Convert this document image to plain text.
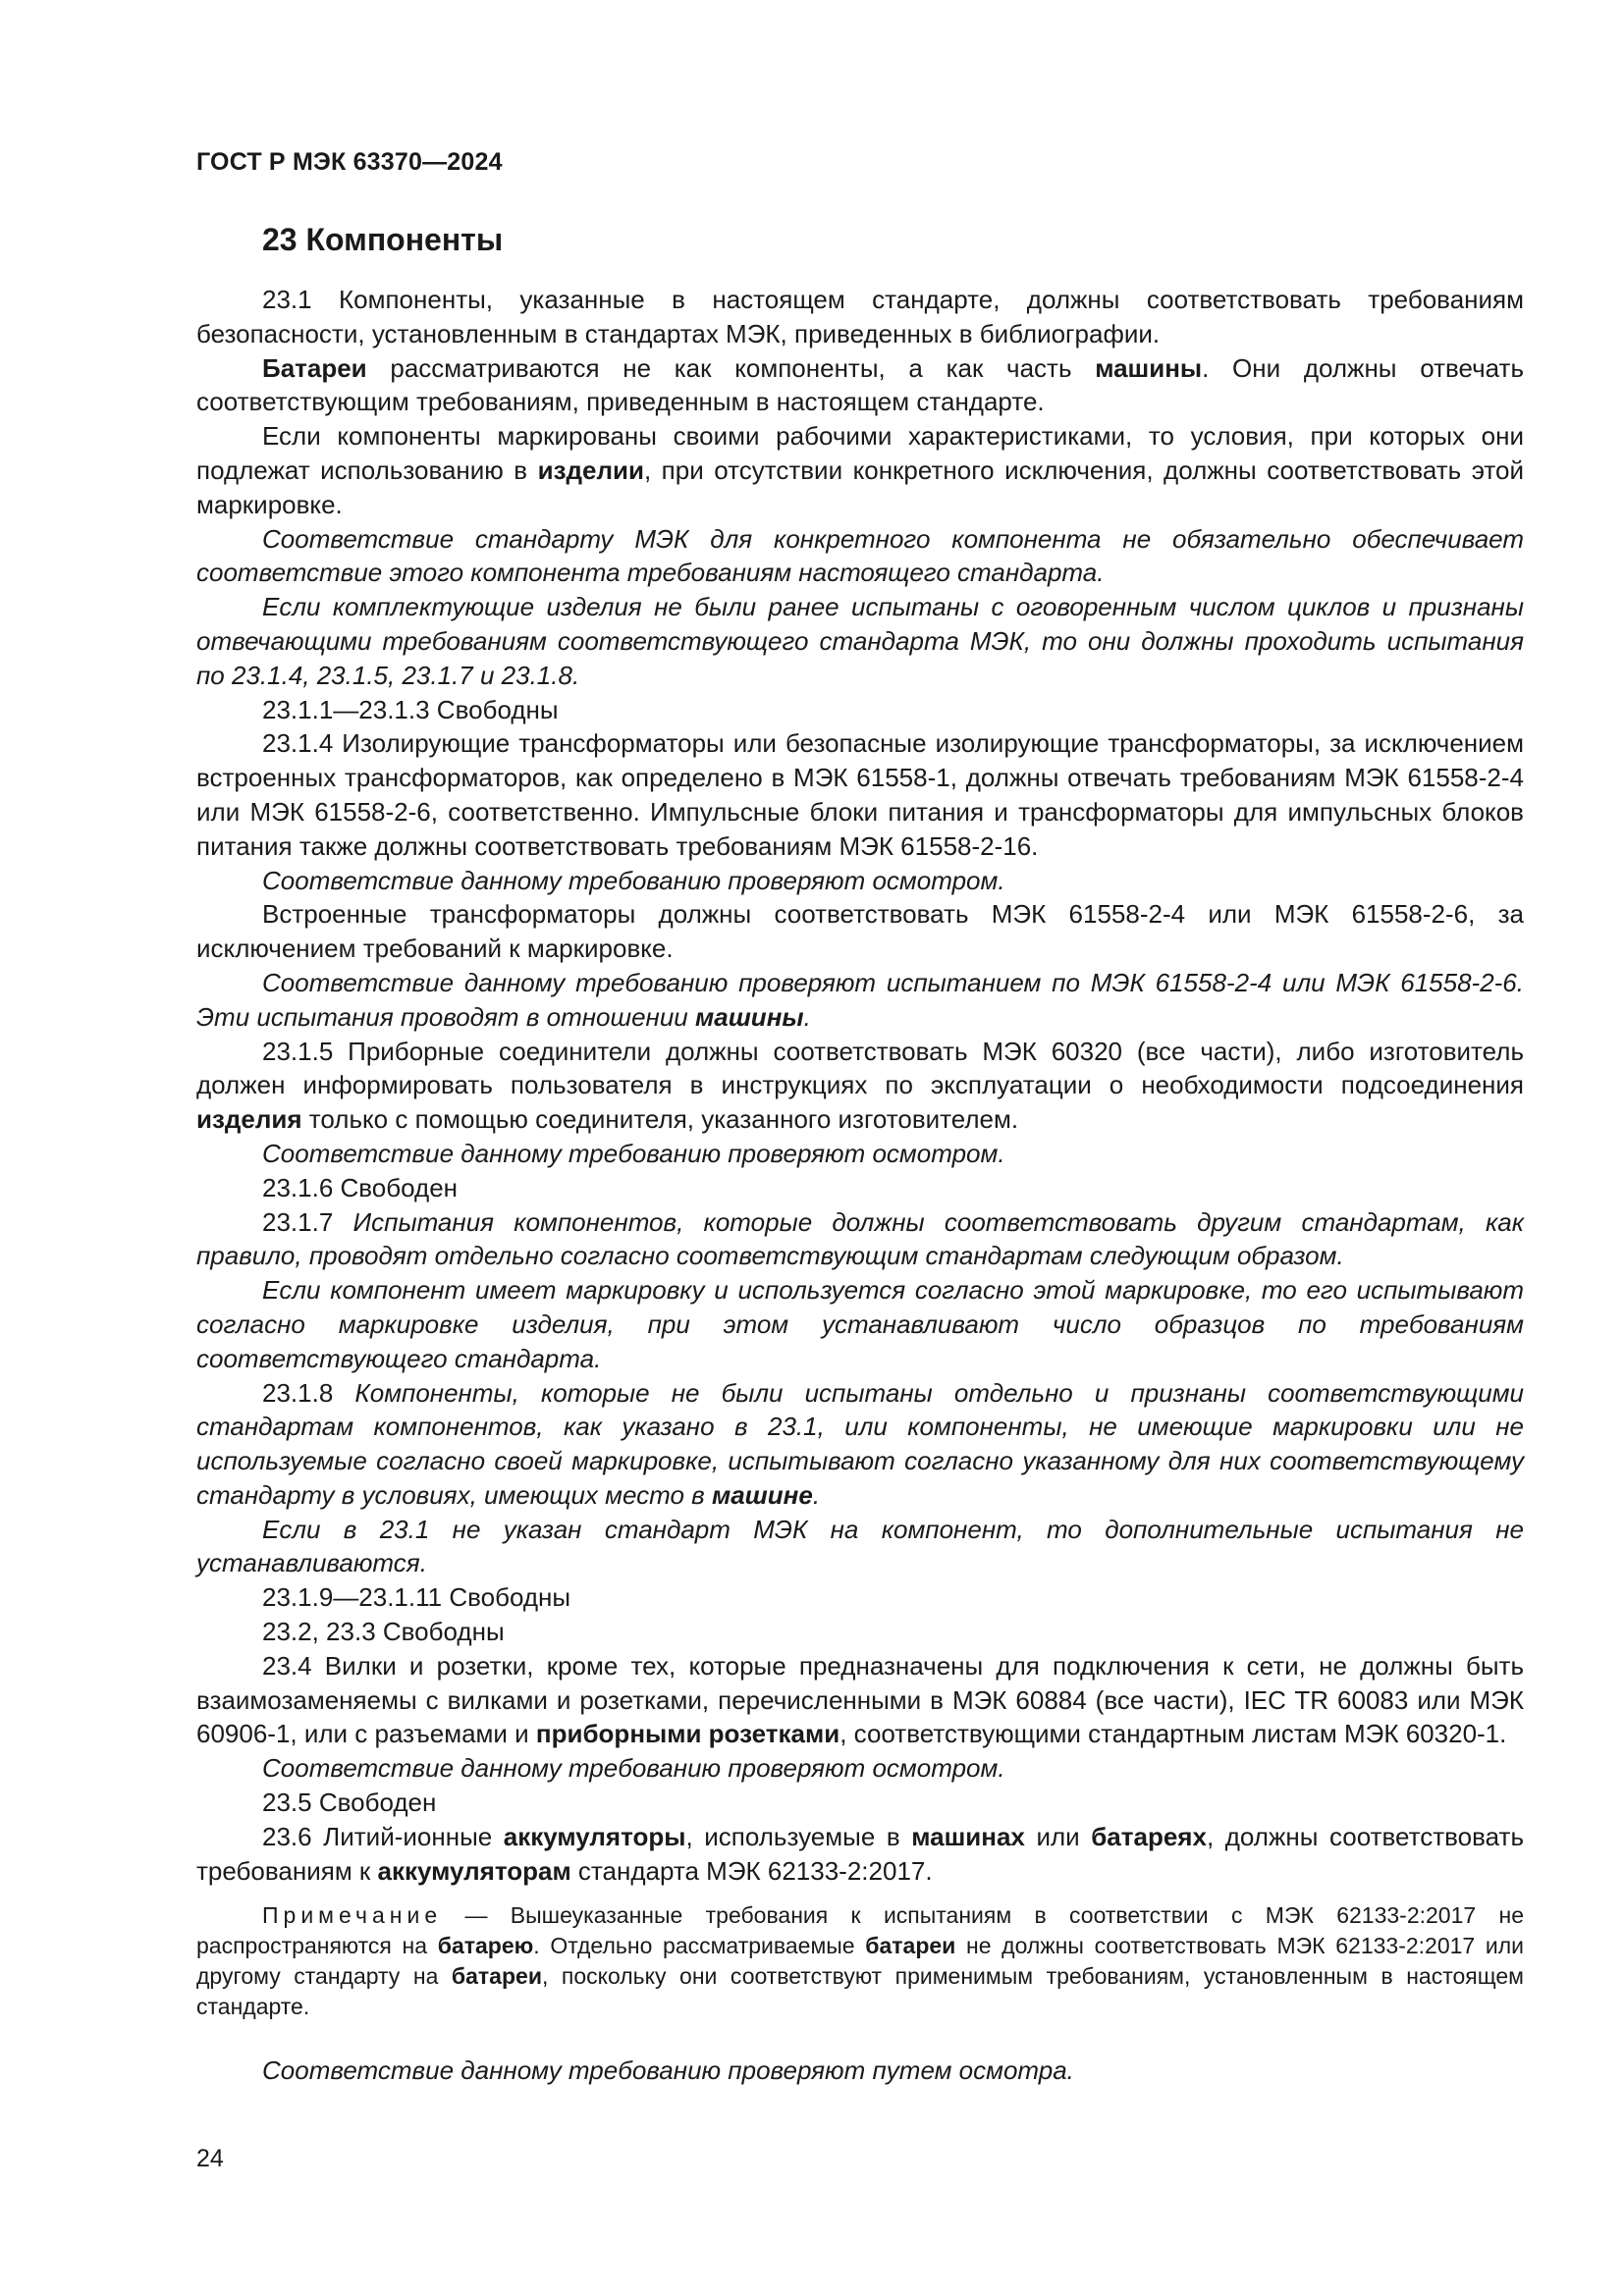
ГОСТ Р МЭК 63370—2024
23 Компоненты

23.1 Компоненты, указанные в настоящем стандарте, должны соответствовать требованиям безопасности, установленным в стандартах МЭК, приведенных в библиографии.

Батареи рассматриваются не как компоненты, а как часть машины. Они должны отвечать соответствующим требованиям, приведенным в настоящем стандарте.

Если компоненты маркированы своими рабочими характеристиками, то условия, при которых они подлежат использованию в изделии, при отсутствии конкретного исключения, должны соответствовать этой маркировке.

Соответствие стандарту МЭК для конкретного компонента не обязательно обеспечивает соответствие этого компонента требованиям настоящего стандарта.

Если комплектующие изделия не были ранее испытаны с оговоренным числом циклов и признаны отвечающими требованиям соответствующего стандарта МЭК, то они должны проходить испытания по 23.1.4, 23.1.5, 23.1.7 и 23.1.8.

23.1.1—23.1.3 Свободны

23.1.4 Изолирующие трансформаторы или безопасные изолирующие трансформаторы, за исключением встроенных трансформаторов, как определено в МЭК 61558-1, должны отвечать требованиям МЭК 61558-2-4 или МЭК 61558-2-6, соответственно. Импульсные блоки питания и трансформаторы для импульсных блоков питания также должны соответствовать требованиям МЭК 61558-2-16.

Соответствие данному требованию проверяют осмотром.

Встроенные трансформаторы должны соответствовать МЭК 61558-2-4 или МЭК 61558-2-6, за исключением требований к маркировке.

Соответствие данному требованию проверяют испытанием по МЭК 61558-2-4 или МЭК 61558-2-6. Эти испытания проводят в отношении машины.

23.1.5 Приборные соединители должны соответствовать МЭК 60320 (все части), либо изготовитель должен информировать пользователя в инструкциях по эксплуатации о необходимости подсоединения изделия только с помощью соединителя, указанного изготовителем.

Соответствие данному требованию проверяют осмотром.

23.1.6 Свободен

23.1.7 Испытания компонентов, которые должны соответствовать другим стандартам, как правило, проводят отдельно согласно соответствующим стандартам следующим образом.

Если компонент имеет маркировку и используется согласно этой маркировке, то его испытывают согласно маркировке изделия, при этом устанавливают число образцов по требованиям соответствующего стандарта.

23.1.8 Компоненты, которые не были испытаны отдельно и признаны соответствующими стандартам компонентов, как указано в 23.1, или компоненты, не имеющие маркировки или не используемые согласно своей маркировке, испытывают согласно указанному для них соответствующему стандарту в условиях, имеющих место в машине.

Если в 23.1 не указан стандарт МЭК на компонент, то дополнительные испытания не устанавливаются.

23.1.9—23.1.11 Свободны

23.2, 23.3 Свободны

23.4 Вилки и розетки, кроме тех, которые предназначены для подключения к сети, не должны быть взаимозаменяемы с вилками и розетками, перечисленными в МЭК 60884 (все части), IEC TR 60083 или МЭК 60906-1, или с разъемами и приборными розетками, соответствующими стандартным листам МЭК 60320-1.

Соответствие данному требованию проверяют осмотром.

23.5 Свободен

23.6 Литий-ионные аккумуляторы, используемые в машинах или батареях, должны соответствовать требованиям к аккумуляторам стандарта МЭК 62133-2:2017.

Примечание — Вышеуказанные требования к испытаниям в соответствии с МЭК 62133-2:2017 не распространяются на батарею. Отдельно рассматриваемые батареи не должны соответствовать МЭК 62133-2:2017 или другому стандарту на батареи, поскольку они соответствуют применимым требованиям, установленным в настоящем стандарте.

Соответствие данному требованию проверяют путем осмотра.

24
